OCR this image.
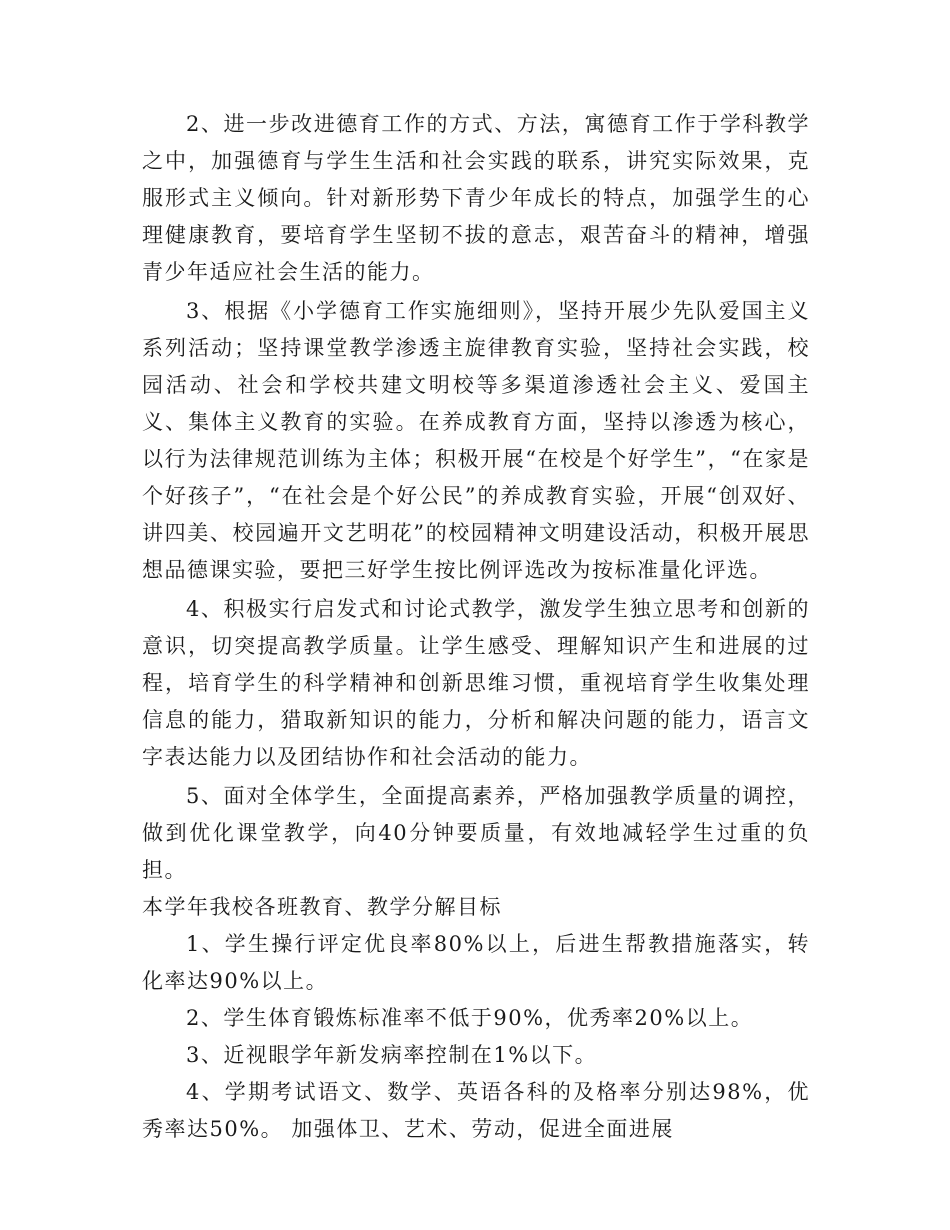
2、进一步改进德育工作的方式、方法，寓德育工作于学科教学之中，加强德育与学生生活和社会实践的联系，讲究实际效果，克服形式主义倾向。针对新形势下青少年成长的特点，加强学生的心理健康教育，要培育学生坚韧不拔的意志，艰苦奋斗的精神，增强青少年适应社会生活的能力。

3、根据《小学德育工作实施细则》，坚持开展少先队爱国主义系列活动；坚持课堂教学渗透主旋律教育实验，坚持社会实践，校园活动、社会和学校共建文明校等多渠道渗透社会主义、爱国主义、集体主义教育的实验。在养成教育方面，坚持以渗透为核心，以行为法律规范训练为主体；积极开展“在校是个好学生”，“在家是个好孩子”，“在社会是个好公民”的养成教育实验，开展“创双好、讲四美、校园遍开文艺明花”的校园精神文明建设活动，积极开展思想品德课实验，要把三好学生按比例评选改为按标准量化评选。

4、积极实行启发式和讨论式教学，激发学生独立思考和创新的意识，切突提高教学质量。让学生感受、理解知识产生和进展的过程，培育学生的科学精神和创新思维习惯，重视培育学生收集处理信息的能力，猎取新知识的能力，分析和解决问题的能力，语言文字表达能力以及团结协作和社会活动的能力。

5、面对全体学生，全面提高素养，严格加强教学质量的调控，做到优化课堂教学，向40分钟要质量，有效地减轻学生过重的负担。

本学年我校各班教育、教学分解目标

1、学生操行评定优良率80%以上，后进生帮教措施落实，转化率达90%以上。

2、学生体育锻炼标准率不低于90%，优秀率20%以上。

3、近视眼学年新发病率控制在1%以下。

4、学期考试语文、数学、英语各科的及格率分别达98%，优秀率达50%。 加强体卫、艺术、劳动，促进全面进展
